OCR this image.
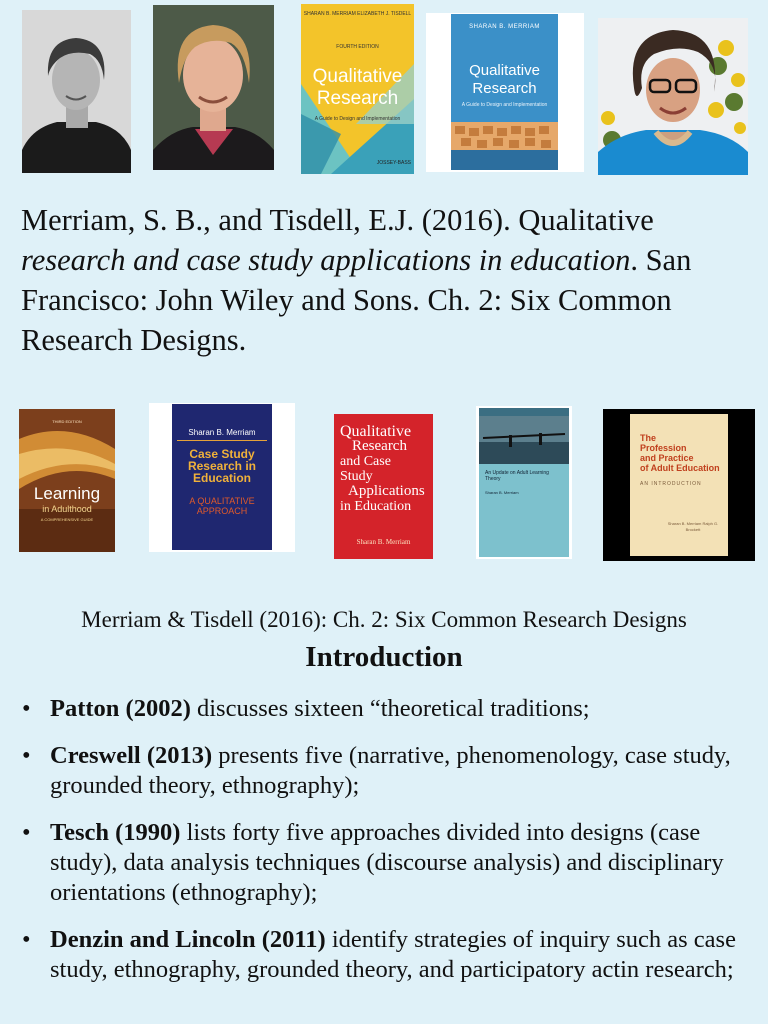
SHARAN B. MERRIAM ELIZABETH J. TISDELL
FOURTH EDITION
Qualitative
Research
A Guide to Design and Implementation
JOSSEY-BASS
SHARAN B. MERRIAM
Qualitative
Research
A Guide to Design and Implementation
Merriam, S. B., and Tisdell, E.J. (2016). Qualitative research and case study applications in education. San Francisco: John Wiley and Sons. Ch. 2: Six Common Research Designs.
THIRD EDITION
Learning
in Adulthood
A COMPREHENSIVE GUIDE
Sharan B. Merriam
Case Study Research in Education
A QUALITATIVE APPROACH
Qualitative
Research
and Case Study
Applications
in Education
Sharan B. Merriam
An Update on Adult Learning Theory
Sharan B. Merriam
The
Profession
and Practice
of Adult Education
AN INTRODUCTION
Sharan B. Merriam Ralph G. Brockett
Merriam & Tisdell (2016): Ch. 2: Six Common Research Designs
Introduction
• Patton (2002) discusses sixteen “theoretical traditions;
• Creswell (2013) presents five (narrative, phenomenology, case study, grounded theory, ethnography);
• Tesch (1990) lists forty five approaches divided into designs (case study), data analysis techniques (discourse analysis) and disciplinary orientations (ethnography);
• Denzin and Lincoln (2011) identify strategies of inquiry such as case study, ethnography, grounded theory, and participatory actin research;
